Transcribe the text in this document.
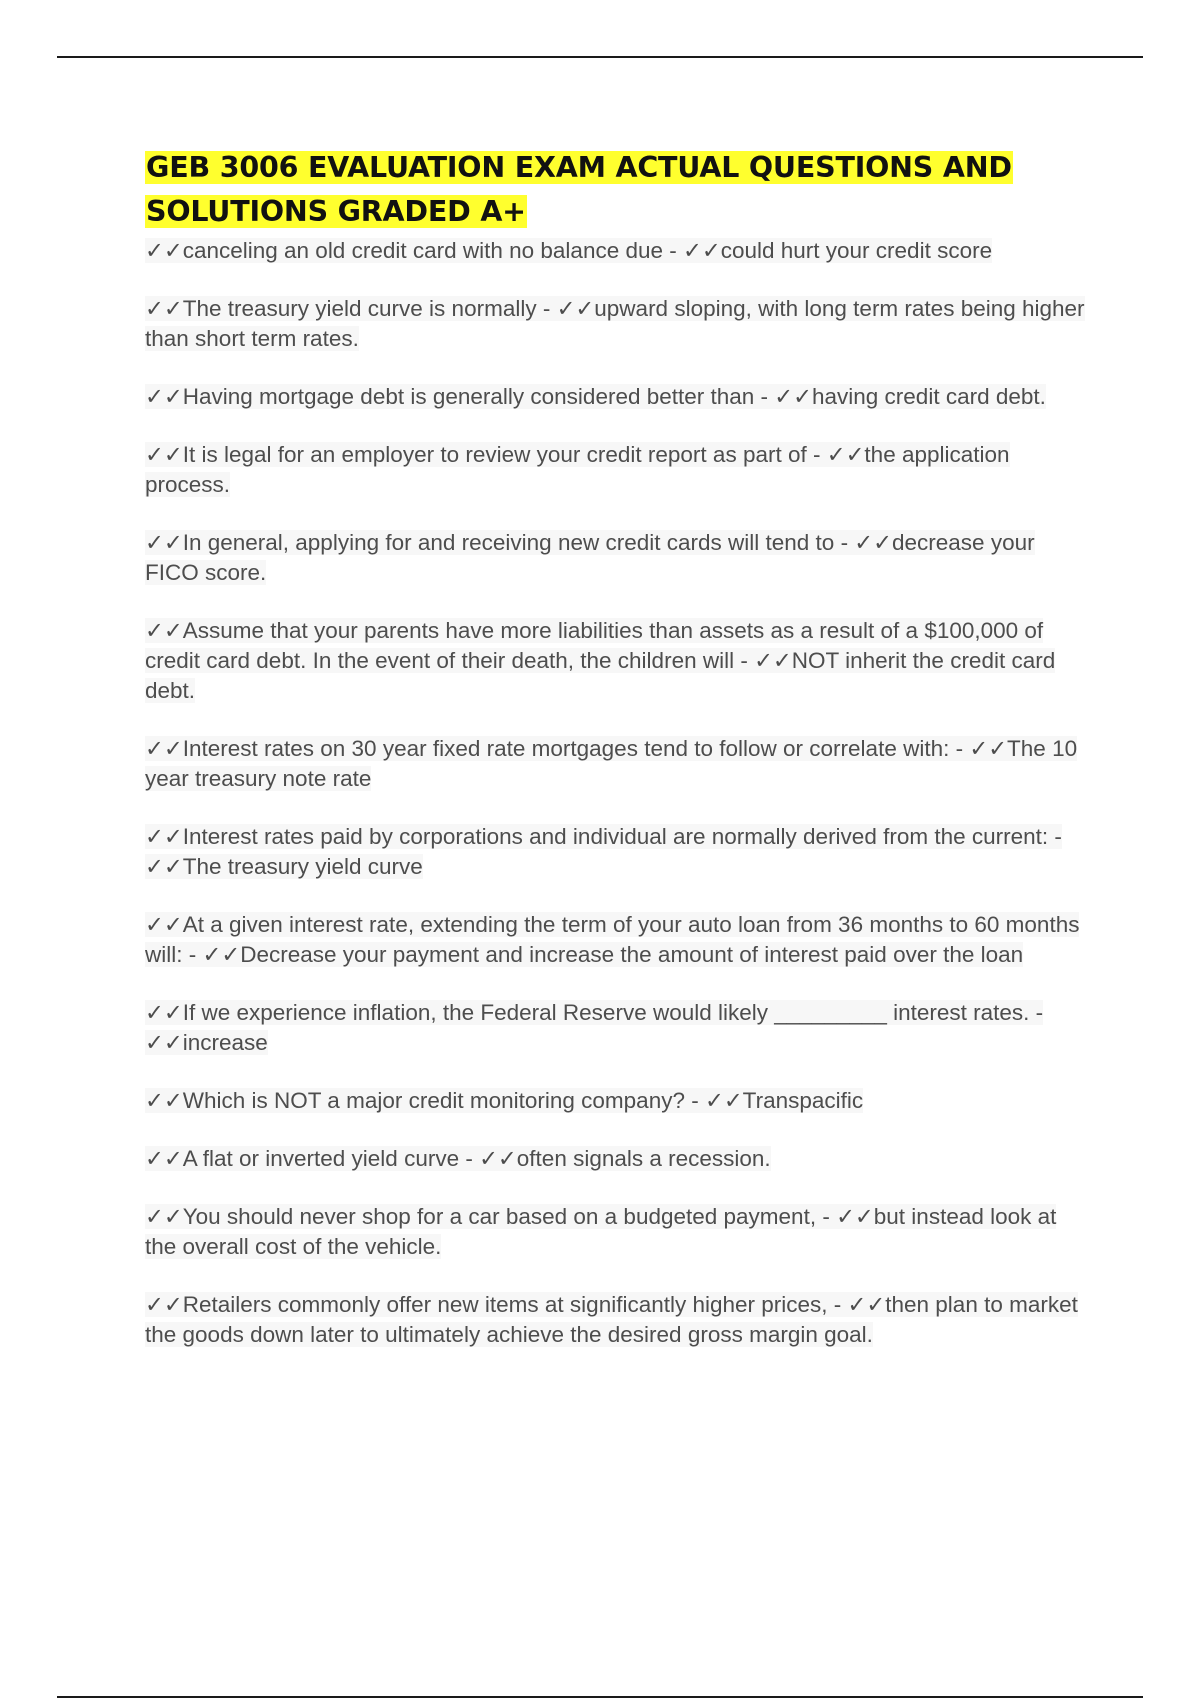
GEB 3006 EVALUATION EXAM ACTUAL QUESTIONS AND SOLUTIONS GRADED A+

✓✓canceling an old credit card with no balance due - ✓✓could hurt your credit score

✓✓The treasury yield curve is normally - ✓✓upward sloping, with long term rates being higher than short term rates.

✓✓Having mortgage debt is generally considered better than - ✓✓having credit card debt.

✓✓It is legal for an employer to review your credit report as part of - ✓✓the application process.

✓✓In general, applying for and receiving new credit cards will tend to - ✓✓decrease your FICO score.

✓✓Assume that your parents have more liabilities than assets as a result of a $100,000 of credit card debt. In the event of their death, the children will - ✓✓NOT inherit the credit card debt.

✓✓Interest rates on 30 year fixed rate mortgages tend to follow or correlate with: - ✓✓The 10 year treasury note rate

✓✓Interest rates paid by corporations and individual are normally derived from the current: - ✓✓The treasury yield curve

✓✓At a given interest rate, extending the term of your auto loan from 36 months to 60 months will: - ✓✓Decrease your payment and increase the amount of interest paid over the loan

✓✓If we experience inflation, the Federal Reserve would likely _________ interest rates. - ✓✓increase

✓✓Which is NOT a major credit monitoring company? - ✓✓Transpacific

✓✓A flat or inverted yield curve - ✓✓often signals a recession.

✓✓You should never shop for a car based on a budgeted payment, - ✓✓but instead look at the overall cost of the vehicle.

✓✓Retailers commonly offer new items at significantly higher prices, - ✓✓then plan to market the goods down later to ultimately achieve the desired gross margin goal.
